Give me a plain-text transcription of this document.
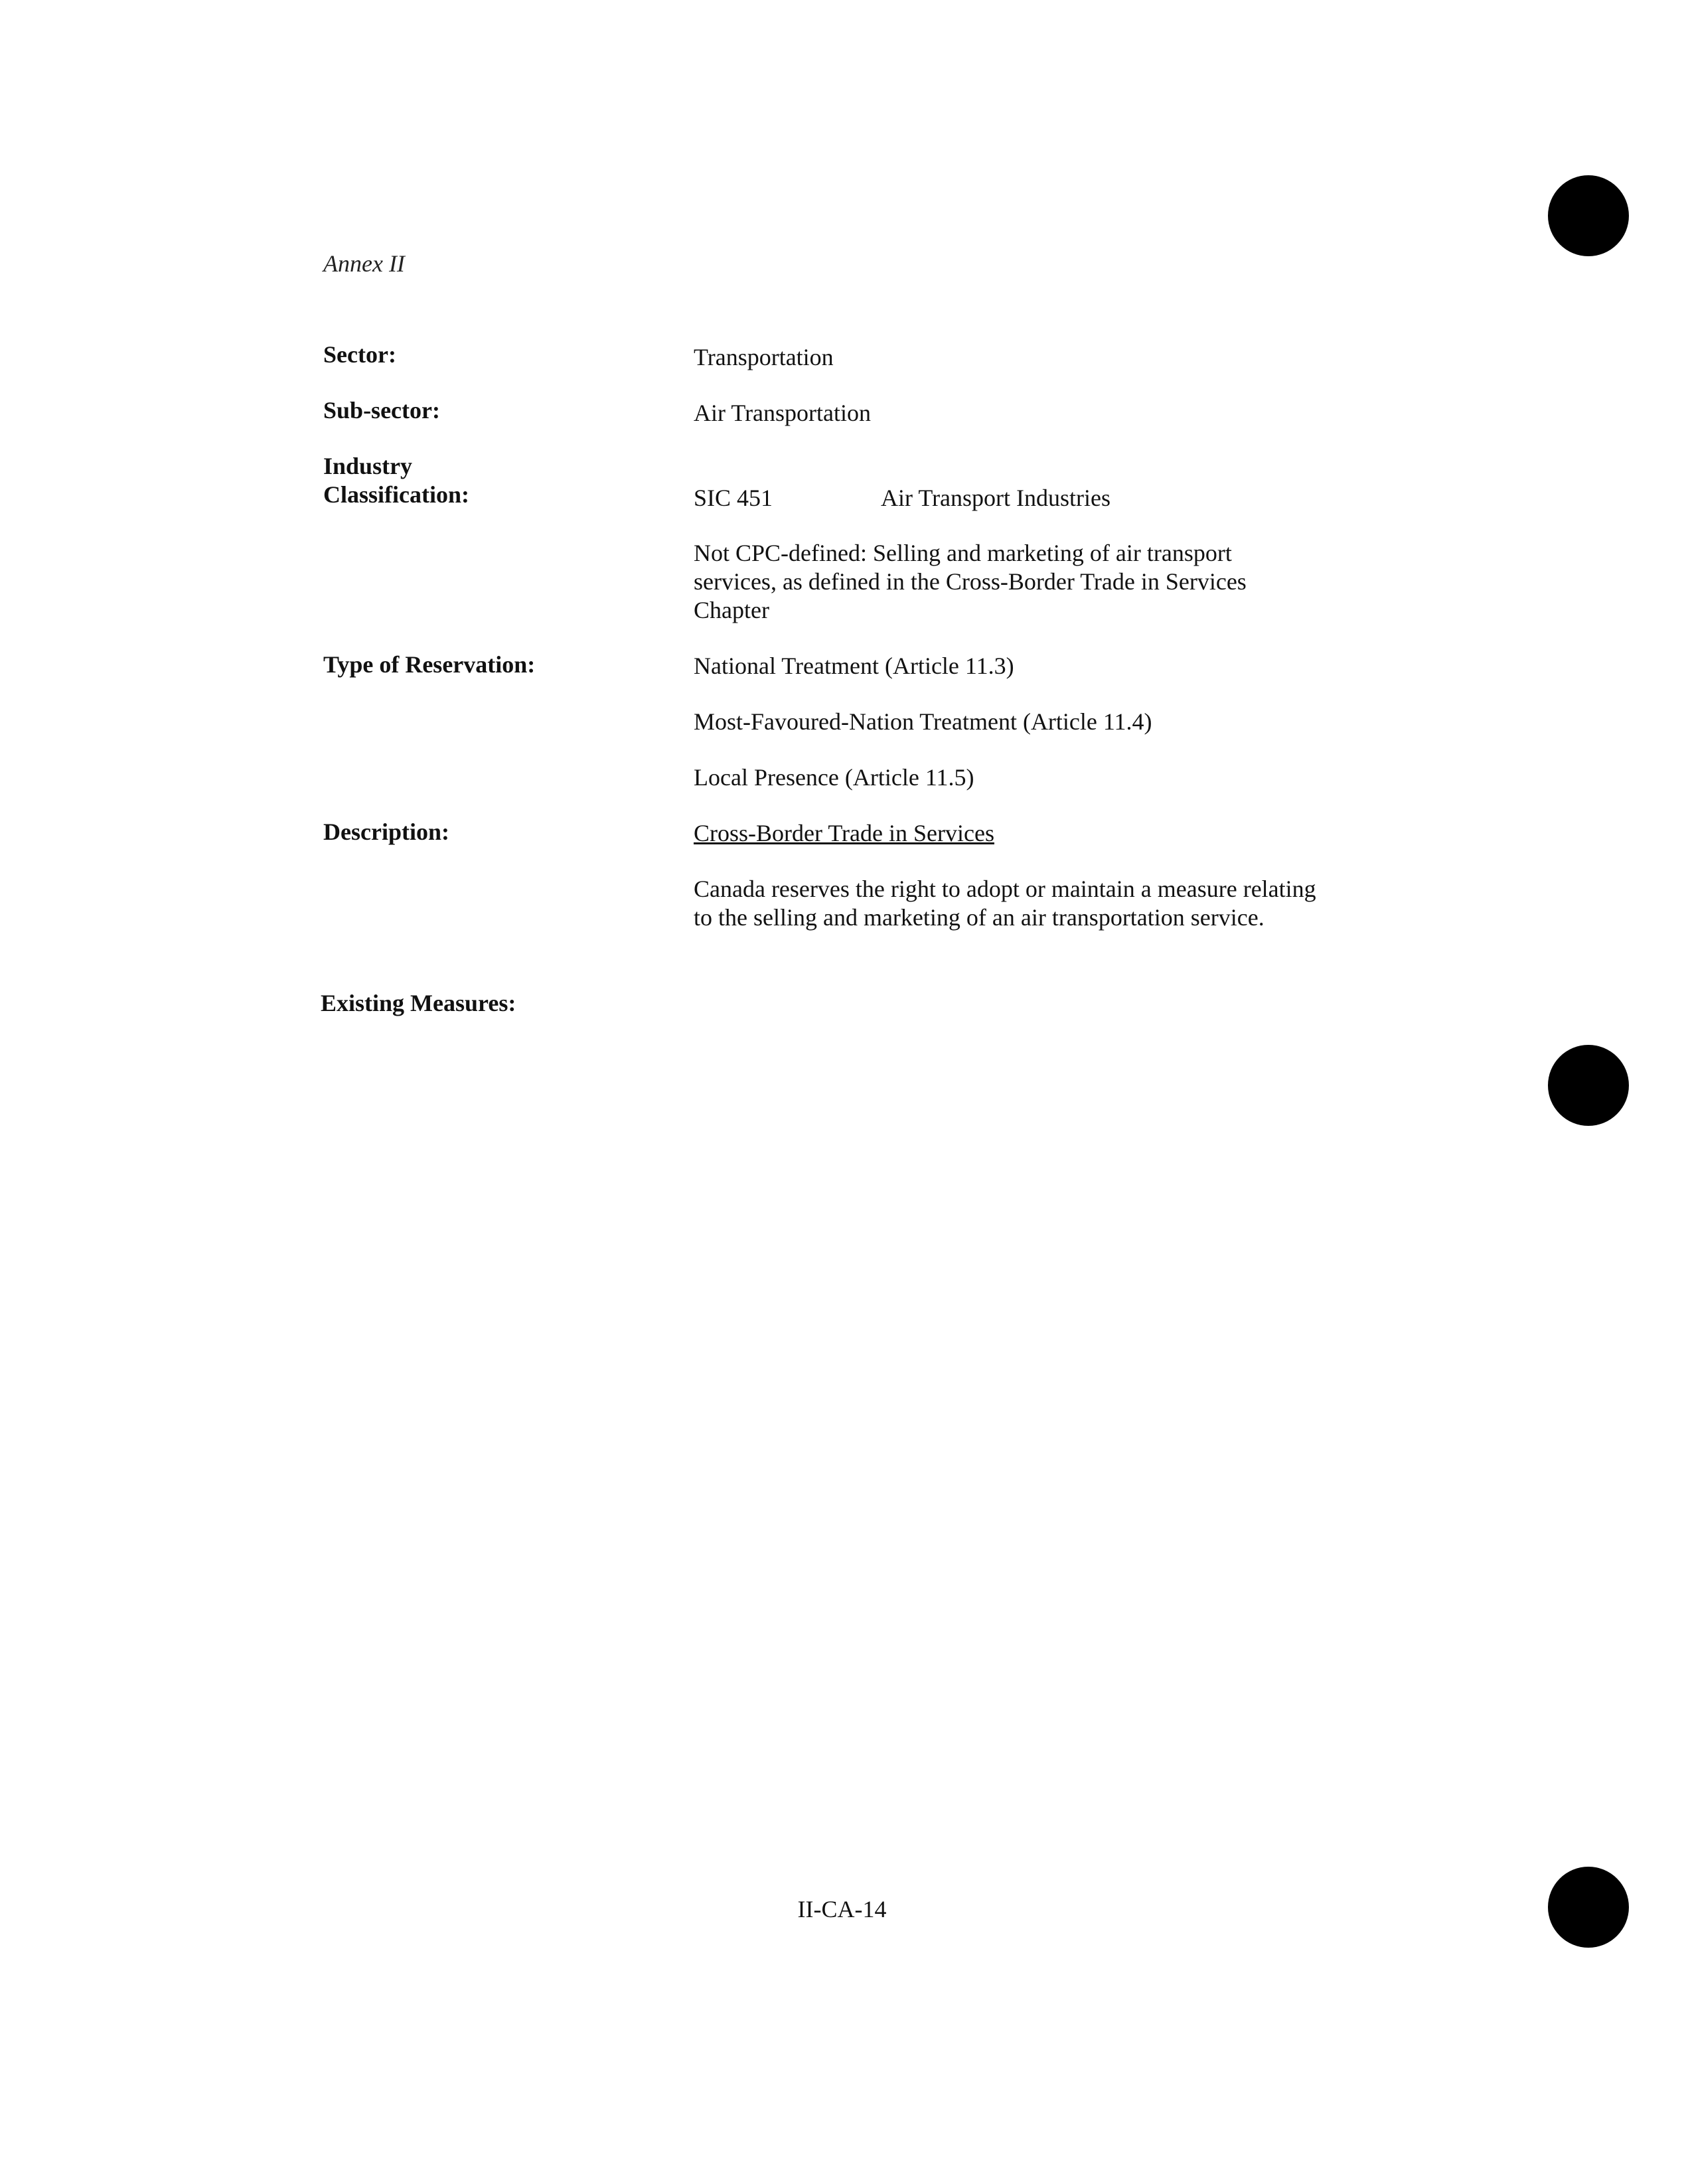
Annex II
Sector:	Transportation
Sub-sector:	Air Transportation
Industry
Classification:	SIC 451	Air Transport Industries
Not CPC-defined: Selling and marketing of air transport services, as defined in the Cross-Border Trade in Services Chapter
Type of Reservation:	National Treatment (Article 11.3)
Most-Favoured-Nation Treatment (Article 11.4)
Local Presence (Article 11.5)
Description:	Cross-Border Trade in Services
Canada reserves the right to adopt or maintain a measure relating to the selling and marketing of an air transportation service.
Existing Measures:
II-CA-14
